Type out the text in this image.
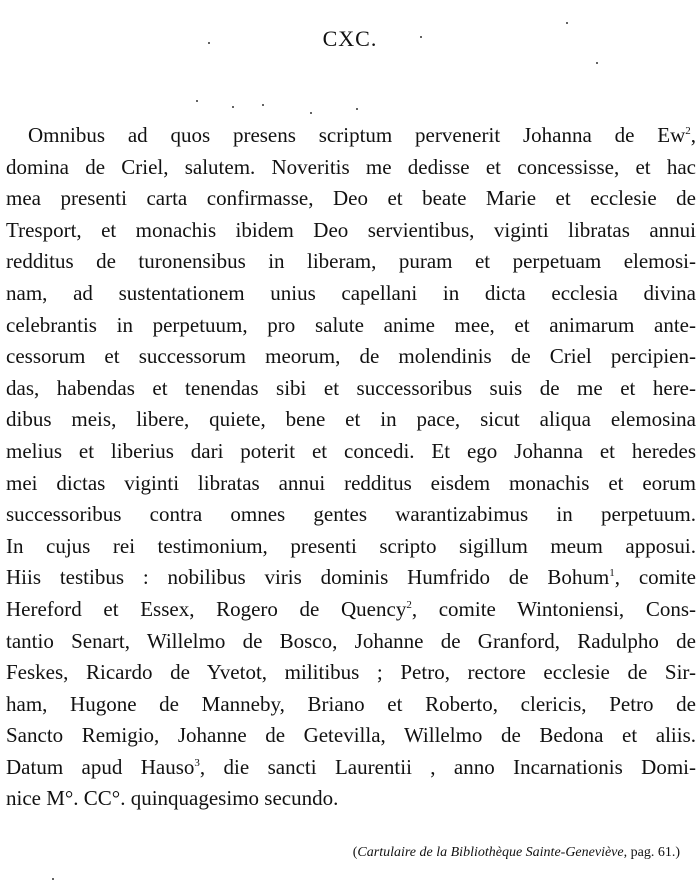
CXC.
Omnibus ad quos presens scriptum pervenerit Johanna de Ew$^2$,
domina de Criel, salutem. Noveritis me dedisse et concessisse, et hac
mea presenti carta confirmasse, Deo et beate Marie et ecclesie de
Tresport, et monachis ibidem Deo servientibus, viginti libratas annui
redditus de turonensibus in liberam, puram et perpetuam elemosi-
nam, ad sustentationem unius capellani in dicta ecclesia divina
celebrantis in perpetuum, pro salute anime mee, et animarum ante-
cessorum et successorum meorum, de molendinis de Criel percipien-
das, habendas et tenendas sibi et successoribus suis de me et here-
dibus meis, libere, quiete, bene et in pace, sicut aliqua elemosina
melius et liberius dari poterit et concedi. Et ego Johanna et heredes
mei dictas viginti libratas annui redditus eisdem monachis et eorum
successoribus contra omnes gentes warantizabimus in perpetuum.
In cujus rei testimonium, presenti scripto sigillum meum apposui.
Hiis testibus : nobilibus viris dominis Humfrido de Bohum$^1$, comite
Hereford et Essex, Rogero de Quency$^2$, comite Wintoniensi, Cons-
tantio Senart, Willelmo de Bosco, Johanne de Granford, Radulpho de
Feskes, Ricardo de Yvetot, militibus ; Petro, rectore ecclesie de Sir-
ham, Hugone de Manneby, Briano et Roberto, clericis, Petro de
Sancto Remigio, Johanne de Getevilla, Willelmo de Bedona et aliis.
Datum apud Hauso$^3$, die sancti Laurentii , anno Incarnationis Domi-
nice M°. CC°. quinquagesimo secundo.
(Cartulaire de la Bibliothèque Sainte-Geneviève, pag. 61.)
